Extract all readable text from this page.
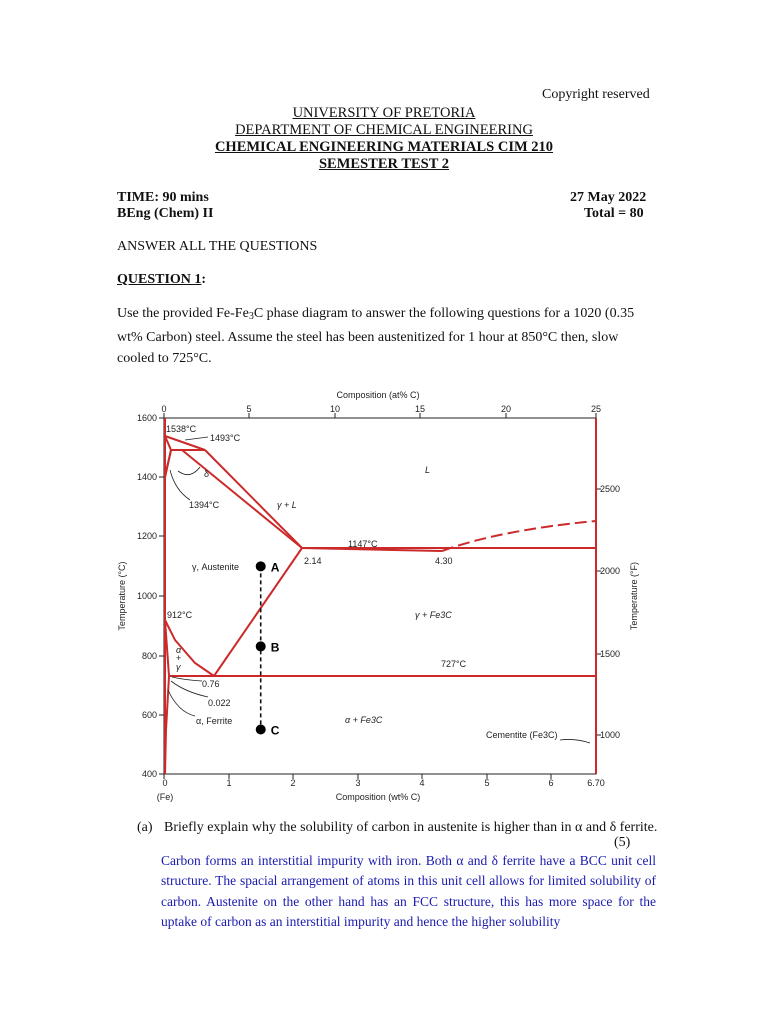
Copyright reserved
UNIVERSITY OF PRETORIA
DEPARTMENT OF CHEMICAL ENGINEERING
CHEMICAL ENGINEERING MATERIALS CIM 210
SEMESTER TEST 2
TIME: 90 mins	27 May 2022
BEng (Chem) II	Total = 80
ANSWER ALL THE QUESTIONS
QUESTION 1:
Use the provided $Fe-Fe_3C$ phase diagram to answer the following questions for a 1020 (0.35 wt% Carbon) steel. Assume the steel has been austenitized for 1 hour at 850°C then, slow cooled to 725°C.
0	5	10	15	20	25
0	1	2	3	4	5	6	6.70
(Fe)
400
600
800
1000
1200
1400
1600
1000
1500
2000
2500
Composition (at% C)
Composition (wt% C)
Temperature (°C)	Temperature (°F)
1538°C
1493°C
δ
1394°C	γ + L
L
1147°C
2.14	4.30
γ, Austenite
γ + Fe3C
912°C
α
+
γ	727°C
0.76
0.022
α, Ferrite	α + Fe3C
Cementite (Fe3C)
A
B
C
(a) Briefly explain why the solubility of carbon in austenite is higher than in α and δ ferrite.
(5)
Carbon forms an interstitial impurity with iron. Both α and δ ferrite have a BCC unit cell structure. The spacial arrangement of atoms in this unit cell allows for limited solubility of carbon. Austenite on the other hand has an FCC structure, this has more space for the uptake of carbon as an interstitial impurity and hence the higher solubility
